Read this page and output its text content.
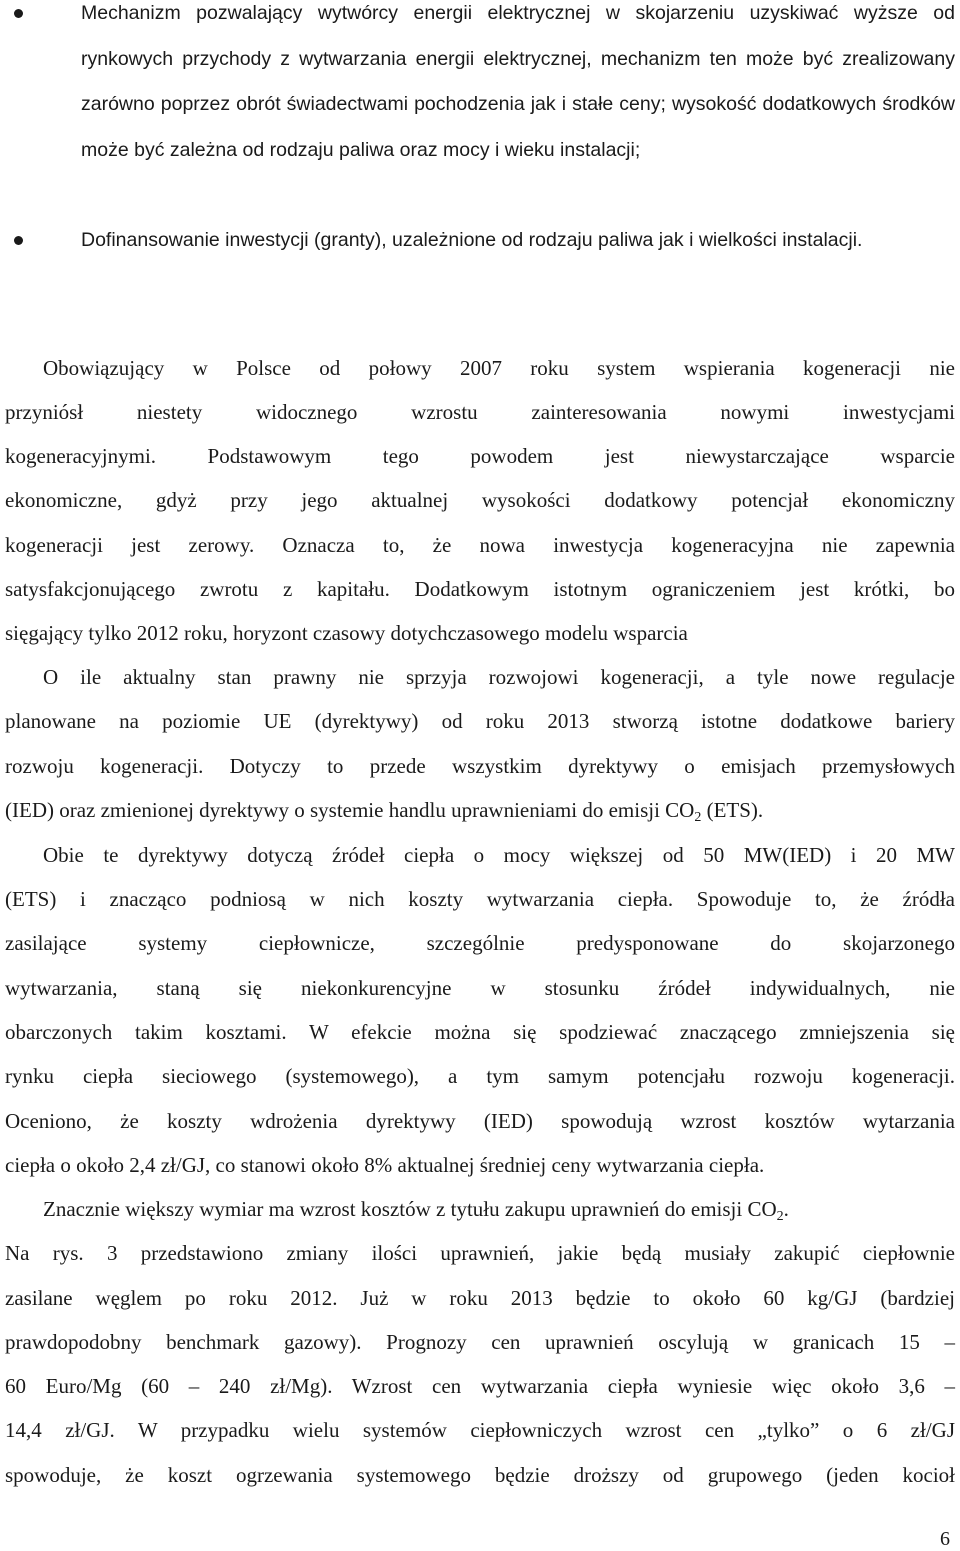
Mechanizm pozwalający wytwórcy energii elektrycznej w skojarzeniu uzyskiwać wyższe od rynkowych przychody z wytwarzania energii elektrycznej, mechanizm ten może być zrealizowany zarówno poprzez obrót świadectwami pochodzenia jak i stałe ceny; wysokość dodatkowych środków może być zależna od rodzaju paliwa oraz mocy i wieku instalacji;
Dofinansowanie inwestycji (granty), uzależnione od rodzaju paliwa jak i wielkości instalacji.
Obowiązujący w Polsce od połowy 2007 roku system wspierania kogeneracji nie
przyniósł niestety widocznego wzrostu zainteresowania nowymi inwestycjami
kogeneracyjnymi. Podstawowym tego powodem jest niewystarczające wsparcie
ekonomiczne, gdyż przy jego aktualnej wysokości dodatkowy potencjał ekonomiczny
kogeneracji jest zerowy. Oznacza to, że nowa inwestycja kogeneracyjna nie zapewnia
satysfakcjonującego zwrotu z kapitału. Dodatkowym istotnym ograniczeniem jest krótki, bo
sięgający tylko 2012 roku, horyzont czasowy dotychczasowego modelu wsparcia
O ile aktualny stan prawny nie sprzyja rozwojowi kogeneracji, a tyle nowe regulacje
planowane na poziomie UE (dyrektywy) od roku 2013 stworzą istotne dodatkowe bariery
rozwoju kogeneracji. Dotyczy to przede wszystkim dyrektywy o emisjach przemysłowych
(IED) oraz zmienionej dyrektywy o systemie handlu uprawnieniami do emisji $CO_2$ (ETS).
Obie te dyrektywy dotyczą źródeł ciepła o mocy większej od 50 MW(IED) i 20 MW
(ETS) i znacząco podniosą w nich koszty wytwarzania ciepła. Spowoduje to, że źródła
zasilające systemy ciepłownicze, szczególnie predysponowane do skojarzonego
wytwarzania, staną się niekonkurencyjne w stosunku źródeł indywidualnych, nie
obarczonych takim kosztami. W efekcie można się spodziewać znaczącego zmniejszenia się
rynku ciepła sieciowego (systemowego), a tym samym potencjału rozwoju kogeneracji.
Oceniono, że koszty wdrożenia dyrektywy (IED) spowodują wzrost kosztów wytarzania
ciepła o około 2,4 zł/GJ, co stanowi około 8% aktualnej średniej ceny wytwarzania ciepła.
Znacznie większy wymiar ma wzrost kosztów z tytułu zakupu uprawnień do emisji $CO_2$.
Na rys. 3 przedstawiono zmiany ilości uprawnień, jakie będą musiały zakupić ciepłownie
zasilane węglem po roku 2012. Już w roku 2013 będzie to około 60 kg/GJ (bardziej
prawdopodobny benchmark gazowy). Prognozy cen uprawnień oscylują w granicach 15 –
60 Euro/Mg (60 – 240 zł/Mg). Wzrost cen wytwarzania ciepła wyniesie więc około 3,6 –
14,4 zł/GJ. W przypadku wielu systemów ciepłowniczych wzrost cen „tylko” o 6 zł/GJ
spowoduje, że koszt ogrzewania systemowego będzie droższy od grupowego (jeden kocioł
6
